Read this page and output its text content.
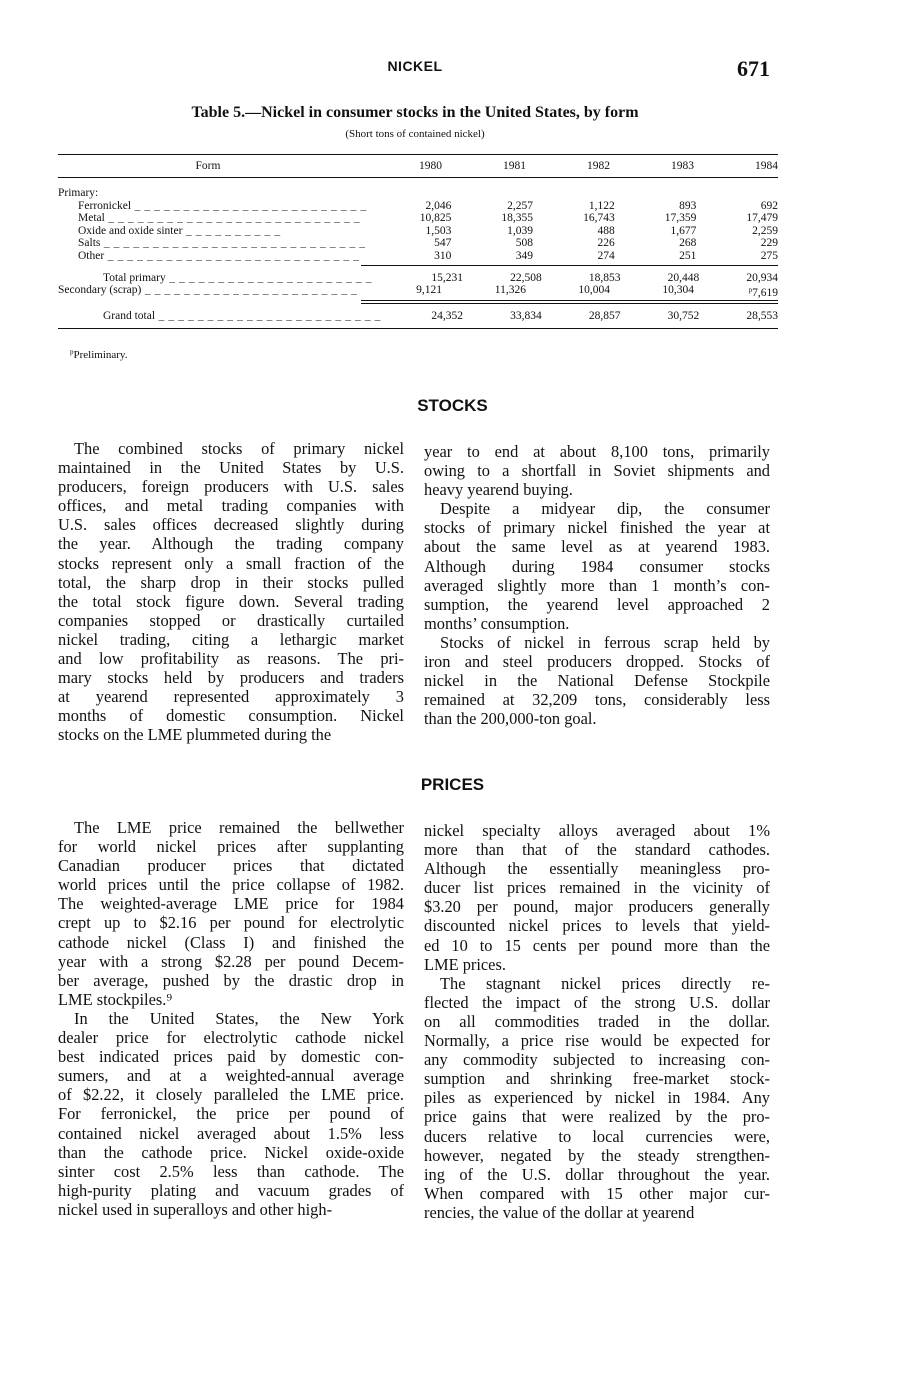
NICKEL	671
Table 5.—Nickel in consumer stocks in the United States, by form
(Short tons of contained nickel)
Form	1980	1981	1982	1983	1984
Primary:
Ferronickel _ _ _ _ _ _ _ _ _ _ _ _ _ _ _ _ _ _ _ _ _ _ _ _	2,046	2,257	1,122	893	692
Metal _ _ _ _ _ _ _ _ _ _ _ _ _ _ _ _ _ _ _ _ _ _ _ _ _ _	10,825	18,355	16,743	17,359	17,479
Oxide and oxide sinter _ _ _ _ _ _ _ _ _ _	1,503	1,039	488	1,677	2,259
Salts _ _ _ _ _ _ _ _ _ _ _ _ _ _ _ _ _ _ _ _ _ _ _ _ _ _ _	547	508	226	268	229
Other _ _ _ _ _ _ _ _ _ _ _ _ _ _ _ _ _ _ _ _ _ _ _ _ _ _	310	349	274	251	275
Total primary _ _ _ _ _ _ _ _ _ _ _ _ _ _ _ _ _ _ _ _ _	15,231	22,508	18,853	20,448	20,934
Secondary (scrap) _ _ _ _ _ _ _ _ _ _ _ _ _ _ _ _ _ _ _ _ _ _	9,121	11,326	10,004	10,304	$^p$7,619
Grand total _ _ _ _ _ _ _ _ _ _ _ _ _ _ _ _ _ _ _ _ _ _ _	24,352	33,834	28,857	30,752	28,553
$^p$Preliminary.
STOCKS
The combined stocks of primary nickel
maintained in the United States by U.S.
producers, foreign producers with U.S. sales
offices, and metal trading companies with
U.S. sales offices decreased slightly during
the year. Although the trading company
stocks represent only a small fraction of the
total, the sharp drop in their stocks pulled
the total stock figure down. Several trading
companies stopped or drastically curtailed
nickel trading, citing a lethargic market
and low profitability as reasons. The pri-
mary stocks held by producers and traders
at yearend represented approximately 3
months of domestic consumption. Nickel
stocks on the LME plummeted during the
year to end at about 8,100 tons, primarily
owing to a shortfall in Soviet shipments and
heavy yearend buying.
Despite a midyear dip, the consumer
stocks of primary nickel finished the year at
about the same level as at yearend 1983.
Although during 1984 consumer stocks
averaged slightly more than 1 month’s con-
sumption, the yearend level approached 2
months’ consumption.
Stocks of nickel in ferrous scrap held by
iron and steel producers dropped. Stocks of
nickel in the National Defense Stockpile
remained at 32,209 tons, considerably less
than the 200,000-ton goal.
PRICES
The LME price remained the bellwether
for world nickel prices after supplanting
Canadian producer prices that dictated
world prices until the price collapse of 1982.
The weighted-average LME price for 1984
crept up to $2.16 per pound for electrolytic
cathode nickel (Class I) and finished the
year with a strong $2.28 per pound Decem-
ber average, pushed by the drastic drop in
LME stockpiles.⁹
In the United States, the New York
dealer price for electrolytic cathode nickel
best indicated prices paid by domestic con-
sumers, and at a weighted-annual average
of $2.22, it closely paralleled the LME price.
For ferronickel, the price per pound of
contained nickel averaged about 1.5% less
than the cathode price. Nickel oxide-oxide
sinter cost 2.5% less than cathode. The
high-purity plating and vacuum grades of
nickel used in superalloys and other high-
nickel specialty alloys averaged about 1%
more than that of the standard cathodes.
Although the essentially meaningless pro-
ducer list prices remained in the vicinity of
$3.20 per pound, major producers generally
discounted nickel prices to levels that yield-
ed 10 to 15 cents per pound more than the
LME prices.
The stagnant nickel prices directly re-
flected the impact of the strong U.S. dollar
on all commodities traded in the dollar.
Normally, a price rise would be expected for
any commodity subjected to increasing con-
sumption and shrinking free-market stock-
piles as experienced by nickel in 1984. Any
price gains that were realized by the pro-
ducers relative to local currencies were,
however, negated by the steady strengthen-
ing of the U.S. dollar throughout the year.
When compared with 15 other major cur-
rencies, the value of the dollar at yearend
